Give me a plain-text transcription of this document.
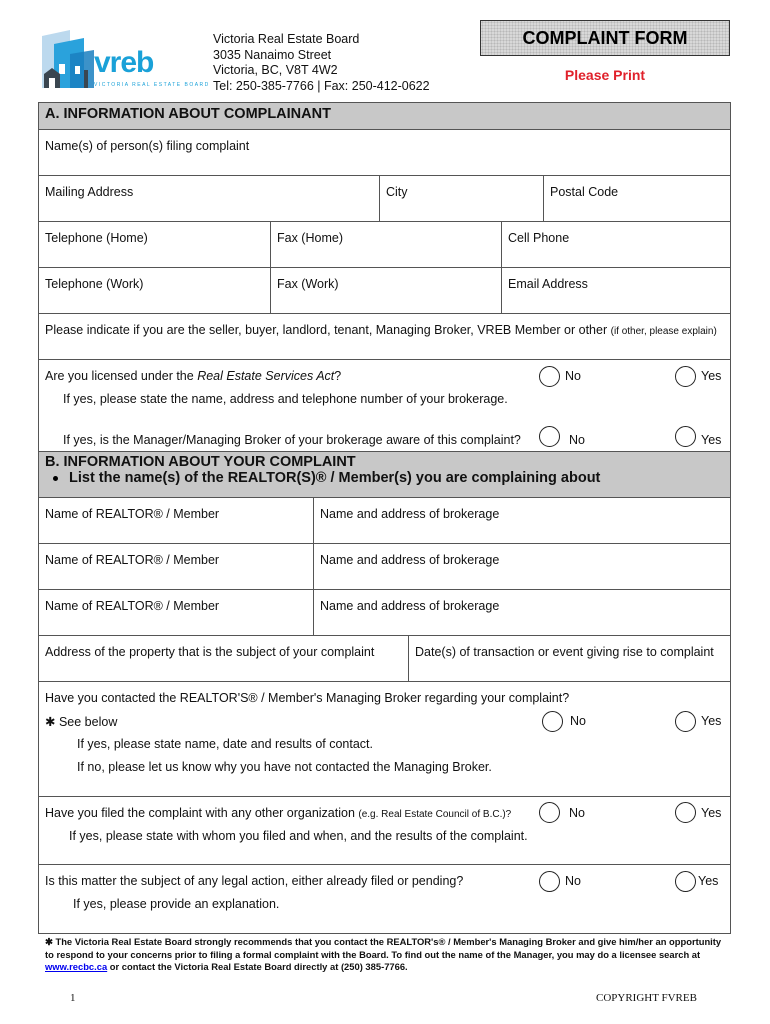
vreb
VICTORIA REAL ESTATE BOARD
Victoria Real Estate Board
3035 Nanaimo Street
Victoria, BC, V8T 4W2
Tel: 250-385-7766 | Fax: 250-412-0622
COMPLAINT FORM
Please Print
A. INFORMATION ABOUT COMPLAINANT
Name(s) of person(s) filing complaint
Mailing Address	City	Postal Code
Telephone (Home)	Fax (Home)	Cell Phone
Telephone (Work)	Fax (Work)	Email Address
Please indicate if you are the seller, buyer, landlord, tenant, Managing Broker, VREB Member or other (if other, please explain)
Are you licensed under the Real Estate Services Act?	No	Yes
If yes, please state the name, address and telephone number of your brokerage.
If yes, is the Manager/Managing Broker of your brokerage aware of this complaint?	No	Yes
B. INFORMATION ABOUT YOUR COMPLAINT
List the name(s) of the REALTOR(S)® / Member(s) you are complaining about
Name of REALTOR® / Member	Name and address of brokerage
Name of REALTOR® / Member	Name and address of brokerage
Name of REALTOR® / Member	Name and address of brokerage
Address of the property that is the subject of your complaint	Date(s) of transaction or event giving rise to complaint
Have you contacted the REALTOR'S® / Member's Managing Broker regarding your complaint?
✱ See below	No	Yes
If yes, please state name, date and results of contact.
If no, please let us know why you have not contacted the Managing Broker.
Have you filed the complaint with any other organization (e.g. Real Estate Council of B.C.)?	No	Yes
If yes, please state with whom you filed and when, and the results of the complaint.
Is this matter the subject of any legal action, either already filed or pending?	No	Yes
If yes, please provide an explanation.
✱ The Victoria Real Estate Board strongly recommends that you contact the REALTOR's® / Member's Managing Broker and give him/her an opportunity to respond to your concerns prior to filing a formal complaint with the Board. To find out the name of the Manager, you may do a licensee search at www.recbc.ca or contact the Victoria Real Estate Board directly at (250) 385-7766.
1	COPYRIGHT FVREB
